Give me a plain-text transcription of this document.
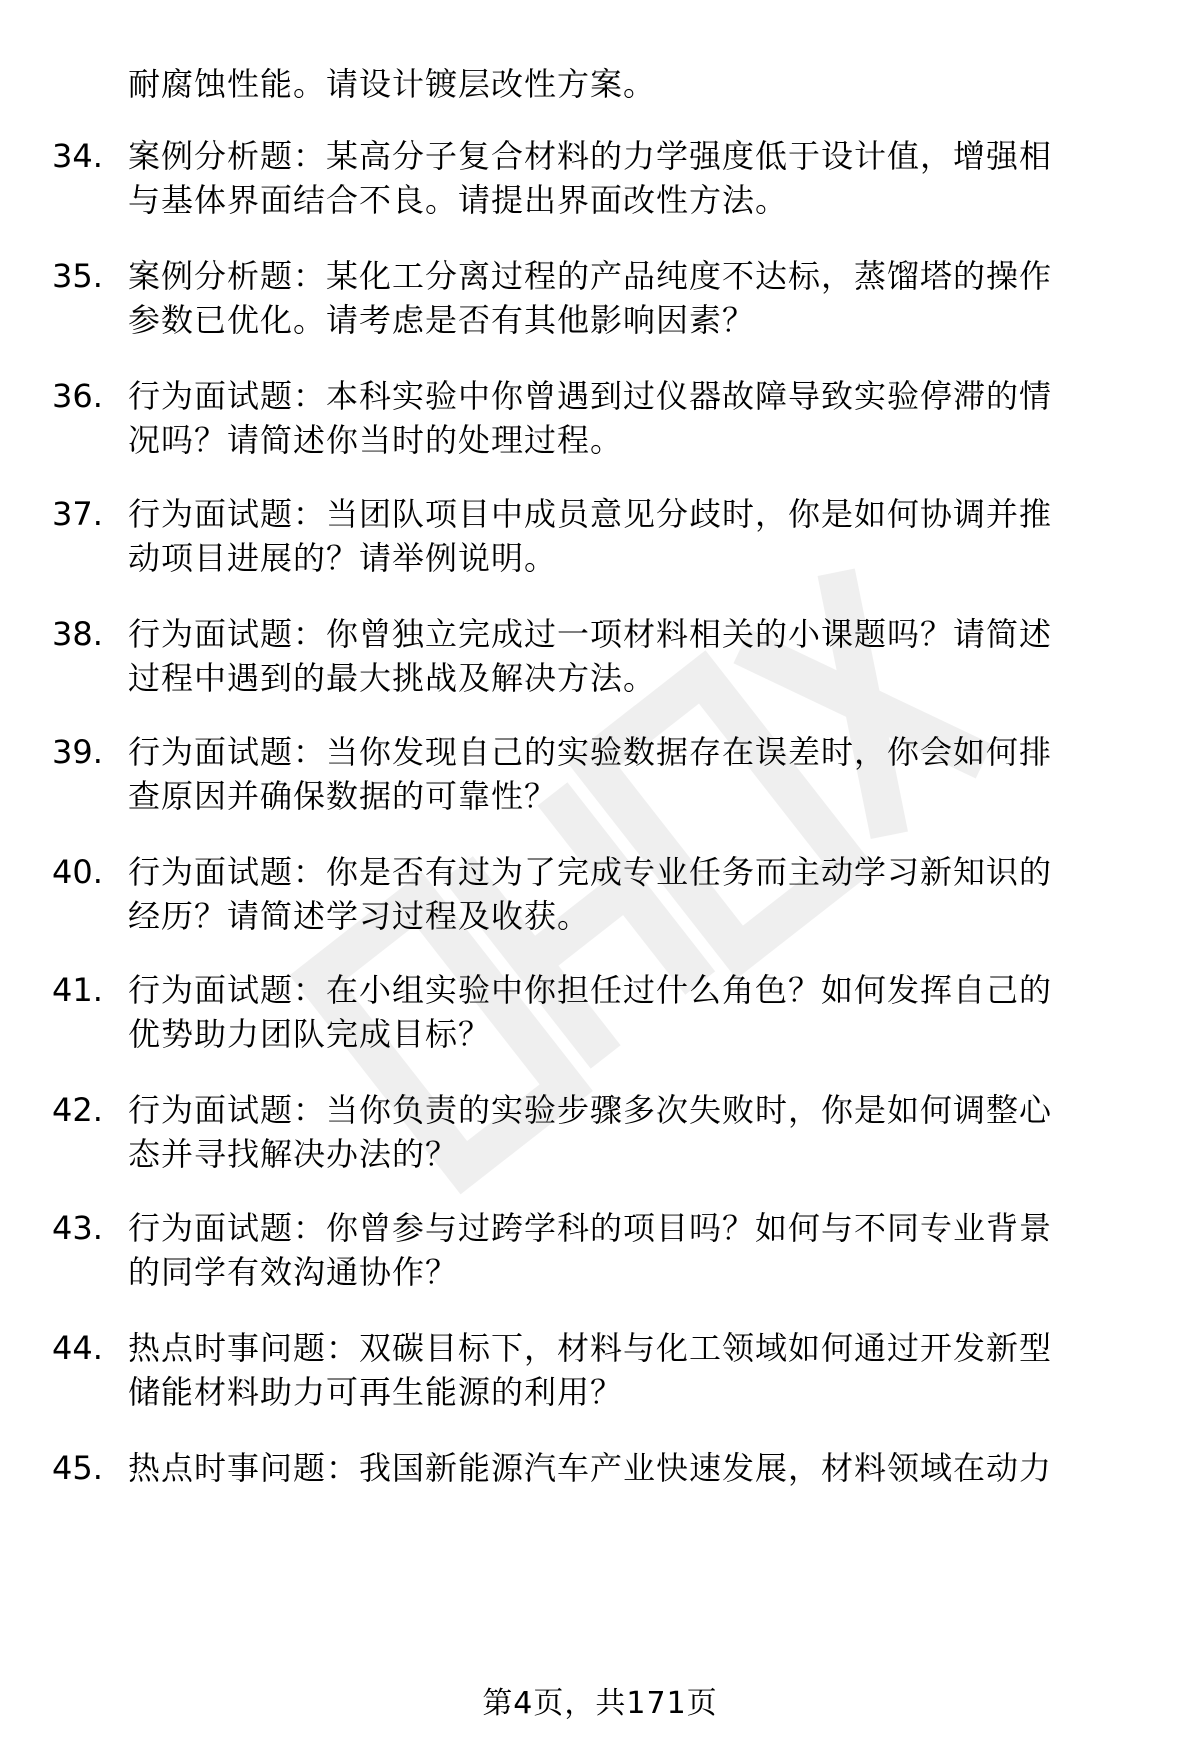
耐腐蚀性能。请设计镀层改性方案。
34. 案例分析题：某高分子复合材料的力学强度低于设计值，增强相
与基体界面结合不良。请提出界面改性方法。
35. 案例分析题：某化工分离过程的产品纯度不达标，蒸馏塔的操作
参数已优化。请考虑是否有其他影响因素？
36. 行为面试题：本科实验中你曾遇到过仪器故障导致实验停滞的情
况吗？请简述你当时的处理过程。
37. 行为面试题：当团队项目中成员意见分歧时，你是如何协调并推
动项目进展的？请举例说明。
38. 行为面试题：你曾独立完成过一项材料相关的小课题吗？请简述
过程中遇到的最大挑战及解决方法。
39. 行为面试题：当你发现自己的实验数据存在误差时，你会如何排
查原因并确保数据的可靠性？
40. 行为面试题：你是否有过为了完成专业任务而主动学习新知识的
经历？请简述学习过程及收获。
41. 行为面试题：在小组实验中你担任过什么角色？如何发挥自己的
优势助力团队完成目标？
42. 行为面试题：当你负责的实验步骤多次失败时，你是如何调整心
态并寻找解决办法的？
43. 行为面试题：你曾参与过跨学科的项目吗？如何与不同专业背景
的同学有效沟通协作？
44. 热点时事问题：双碳目标下，材料与化工领域如何通过开发新型
储能材料助力可再生能源的利用？
45. 热点时事问题：我国新能源汽车产业快速发展，材料领域在动力
第4页，共171页
